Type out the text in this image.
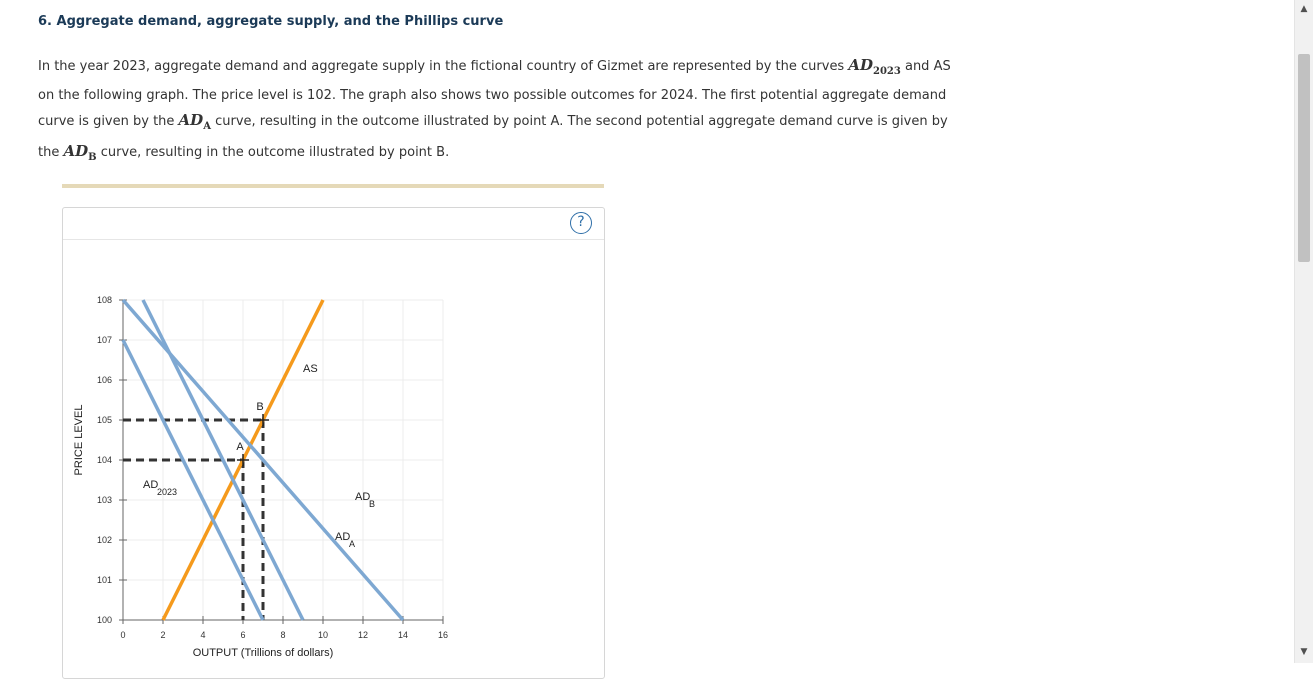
6. Aggregate demand, aggregate supply, and the Phillips curve
In the year 2023, aggregate demand and aggregate supply in the fictional country of Gizmet are represented by the curves $AD_{2023}$ and AS on the following graph. The price level is 102. The graph also shows two possible outcomes for 2024. The first potential aggregate demand curve is given by the $AD_A$ curve, resulting in the outcome illustrated by point A. The second potential aggregate demand curve is given by the $AD_B$ curve, resulting in the outcome illustrated by point B.
?
100
101
102
103
104
105
106
107
108
0	2	4	6	8	10	12	14	16
OUTPUT (Trillions of dollars)
PRICE LEVEL
AS
AD
2023
AD
A
AD
B
A
B
▲
▼
